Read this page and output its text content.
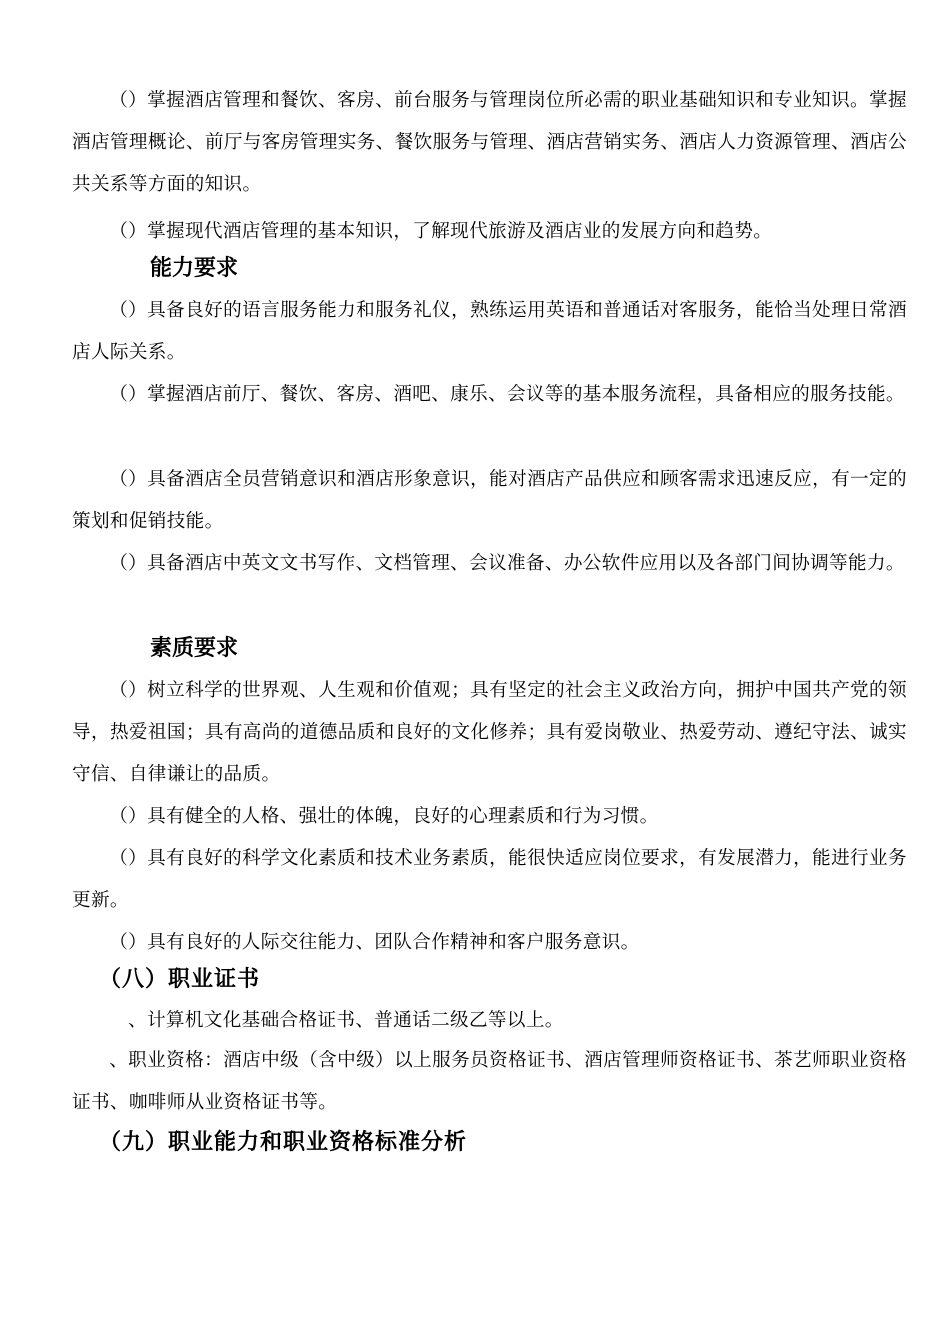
（）掌握酒店管理和餐饮、客房、前台服务与管理岗位所必需的职业基础知识和专业知识。掌握酒店管理概论、前厅与客房管理实务、餐饮服务与管理、酒店营销实务、酒店人力资源管理、酒店公共关系等方面的知识。

（）掌握现代酒店管理的基本知识，了解现代旅游及酒店业的发展方向和趋势。

能力要求

（）具备良好的语言服务能力和服务礼仪，熟练运用英语和普通话对客服务，能恰当处理日常酒店人际关系。

（）掌握酒店前厅、餐饮、客房、酒吧、康乐、会议等的基本服务流程，具备相应的服务技能。

（）具备酒店全员营销意识和酒店形象意识，能对酒店产品供应和顾客需求迅速反应，有一定的策划和促销技能。

（）具备酒店中英文文书写作、文档管理、会议准备、办公软件应用以及各部门间协调等能力。

素质要求

（）树立科学的世界观、人生观和价值观；具有坚定的社会主义政治方向，拥护中国共产党的领导，热爱祖国；具有高尚的道德品质和良好的文化修养；具有爱岗敬业、热爱劳动、遵纪守法、诚实守信、自律谦让的品质。

（）具有健全的人格、强壮的体魄，良好的心理素质和行为习惯。

（）具有良好的科学文化素质和技术业务素质，能很快适应岗位要求，有发展潜力，能进行业务更新。

（）具有良好的人际交往能力、团队合作精神和客户服务意识。

（八）职业证书

、计算机文化基础合格证书、普通话二级乙等以上。

、职业资格：酒店中级（含中级）以上服务员资格证书、酒店管理师资格证书、茶艺师职业资格证书、咖啡师从业资格证书等。

（九）职业能力和职业资格标准分析
